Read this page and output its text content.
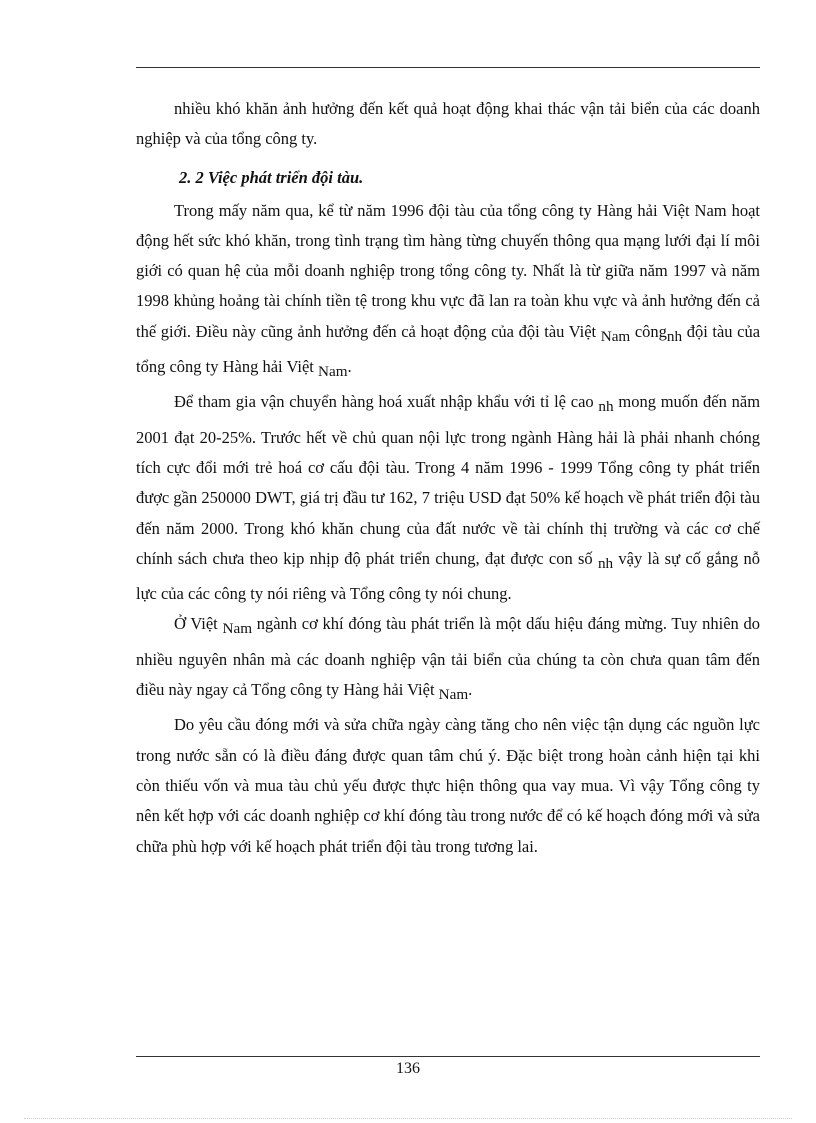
nhiều khó khăn ảnh hưởng đến kết quả hoạt động khai thác vận tải biển của các doanh nghiệp và của tổng công ty.

2. 2 Việc phát triển đội tàu.

Trong mấy năm qua, kể từ năm 1996 đội tàu của tổng công ty Hàng hải Việt Nam hoạt động hết sức khó khăn, trong tình trạng tìm hàng từng chuyến thông qua mạng lưới đại lí môi giới có quan hệ của mỗi doanh nghiệp trong tổng công ty. Nhất là từ giữa năm 1997 và năm 1998 khủng hoảng tài chính tiền tệ trong khu vực đã lan ra toàn khu vực và ảnh hưởng đến cả thế giới. Điều này cũng ảnh hưởng đến cả hoạt động của đội tàu Việt Nam côngnh đội tàu của tổng công ty Hàng hải Việt Nam.

Để tham gia vận chuyển hàng hoá xuất nhập khẩu với tỉ lệ cao nh mong muốn đến năm 2001 đạt 20-25%. Trước hết về chủ quan nội lực trong ngành Hàng hải là phải nhanh chóng tích cực đổi mới trẻ hoá cơ cấu đội tàu. Trong 4 năm 1996 - 1999 Tổng công ty phát triển được gần 250000 DWT, giá trị đầu tư 162, 7 triệu USD đạt 50% kế hoạch về phát triển đội tàu đến năm 2000. Trong khó khăn chung của đất nước về tài chính thị trường và các cơ chế chính sách chưa theo kịp nhịp độ phát triển chung, đạt được con số nh vậy là sự cố gắng nỗ lực của các công ty nói riêng và Tổng công ty nói chung.

Ở Việt Nam ngành cơ khí đóng tàu phát triển là một dấu hiệu đáng mừng. Tuy nhiên do nhiều nguyên nhân mà các doanh nghiệp vận tải biển của chúng ta còn chưa quan tâm đến điều này ngay cả Tổng công ty Hàng hải Việt Nam.

Do yêu cầu đóng mới và sửa chữa ngày càng tăng cho nên việc tận dụng các nguồn lực trong nước sẵn có là điều đáng được quan tâm chú ý. Đặc biệt trong hoàn cảnh hiện tại khi còn thiếu vốn và mua tàu chủ yếu được thực hiện thông qua vay mua. Vì vậy Tổng công ty nên kết hợp với các doanh nghiệp cơ khí đóng tàu trong nước để có kế hoạch đóng mới và sửa chữa phù hợp với kế hoạch phát triển đội tàu trong tương lai.

136
